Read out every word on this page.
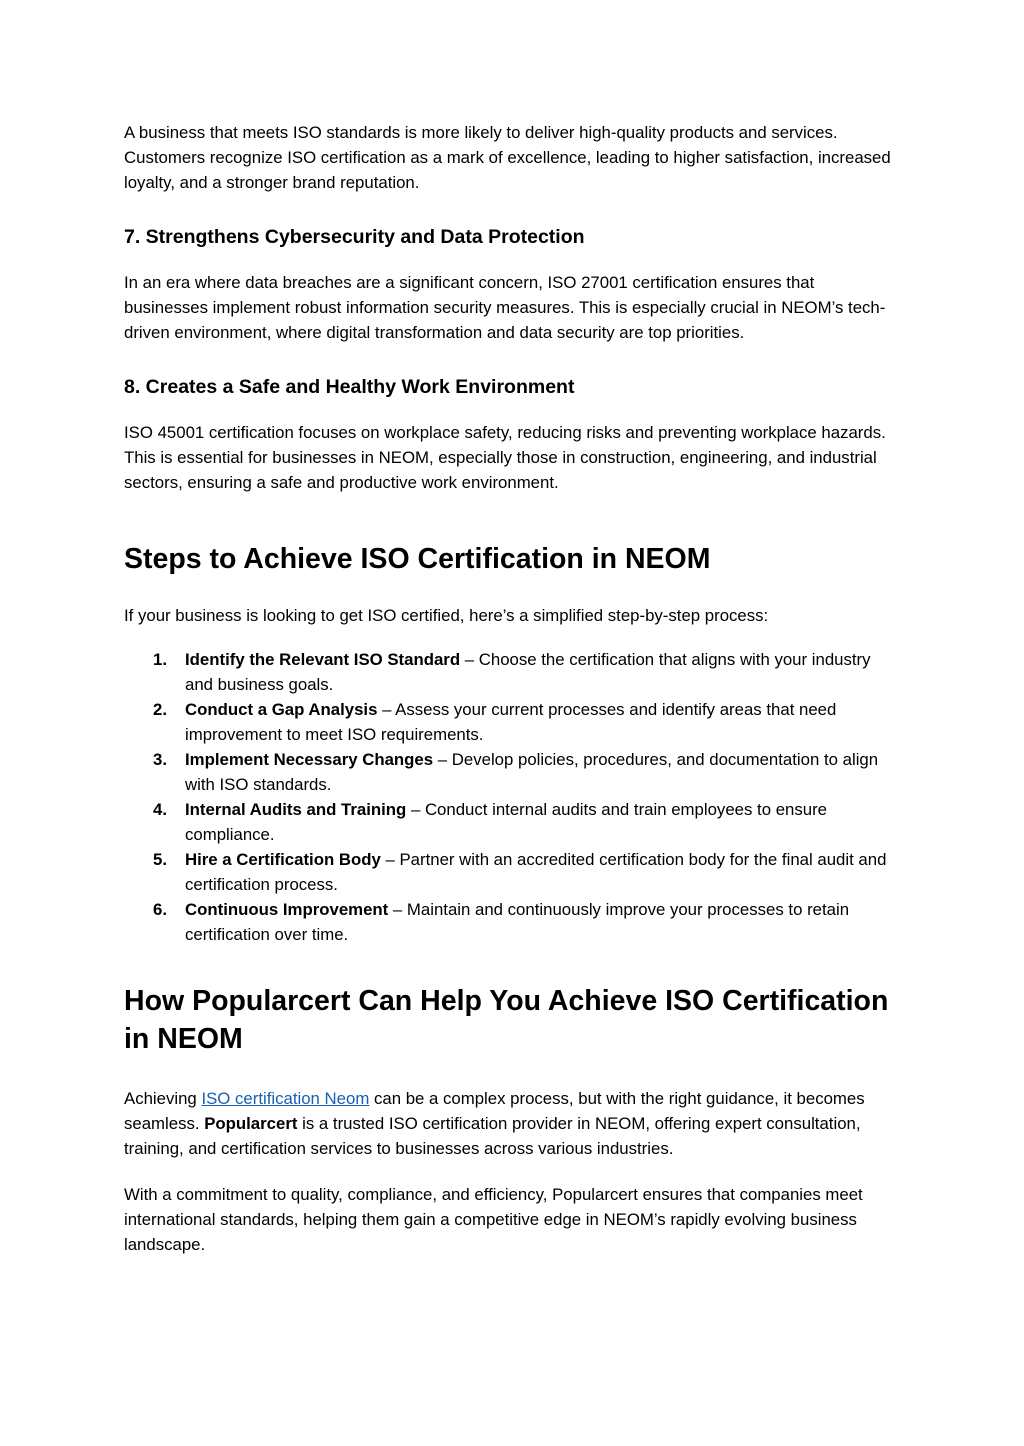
A business that meets ISO standards is more likely to deliver high-quality products and services. Customers recognize ISO certification as a mark of excellence, leading to higher satisfaction, increased loyalty, and a stronger brand reputation.

7. Strengthens Cybersecurity and Data Protection

In an era where data breaches are a significant concern, ISO 27001 certification ensures that businesses implement robust information security measures. This is especially crucial in NEOM’s tech-driven environment, where digital transformation and data security are top priorities.

8. Creates a Safe and Healthy Work Environment

ISO 45001 certification focuses on workplace safety, reducing risks and preventing workplace hazards. This is essential for businesses in NEOM, especially those in construction, engineering, and industrial sectors, ensuring a safe and productive work environment.

Steps to Achieve ISO Certification in NEOM

If your business is looking to get ISO certified, here’s a simplified step-by-step process:

1. Identify the Relevant ISO Standard – Choose the certification that aligns with your industry and business goals.
2. Conduct a Gap Analysis – Assess your current processes and identify areas that need improvement to meet ISO requirements.
3. Implement Necessary Changes – Develop policies, procedures, and documentation to align with ISO standards.
4. Internal Audits and Training – Conduct internal audits and train employees to ensure compliance.
5. Hire a Certification Body – Partner with an accredited certification body for the final audit and certification process.
6. Continuous Improvement – Maintain and continuously improve your processes to retain certification over time.
How Popularcert Can Help You Achieve ISO Certification in NEOM

Achieving ISO certification Neom can be a complex process, but with the right guidance, it becomes seamless. Popularcert is a trusted ISO certification provider in NEOM, offering expert consultation, training, and certification services to businesses across various industries.

With a commitment to quality, compliance, and efficiency, Popularcert ensures that companies meet international standards, helping them gain a competitive edge in NEOM’s rapidly evolving business landscape.
